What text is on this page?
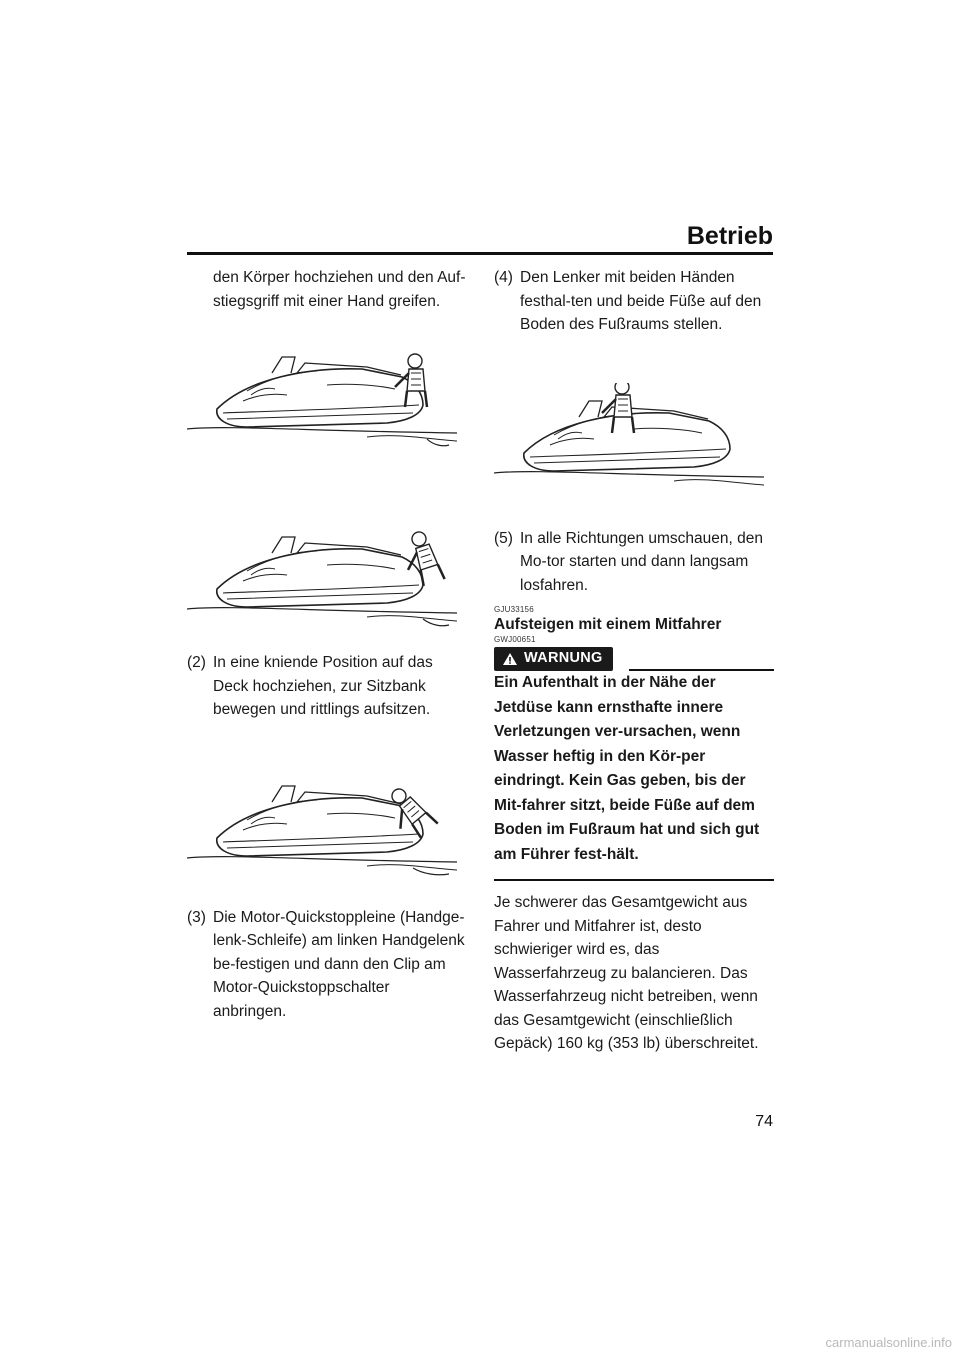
Betrieb

den Körper hochziehen und den Auf-stiegsgriff mit einer Hand greifen.

(2) In eine kniende Position auf das Deck hochziehen, zur Sitzbank bewegen und rittlings aufsitzen.
(3) Die Motor-Quickstoppleine (Handge-lenk-Schleife) am linken Handgelenk be-festigen und dann den Clip am Motor-Quickstoppschalter anbringen.
(4) Den Lenker mit beiden Händen festhal-ten und beide Füße auf den Boden des Fußraums stellen.
(5) In alle Richtungen umschauen, den Mo-tor starten und dann langsam losfahren.
GJU33156

Aufsteigen mit einem Mitfahrer

GWJ00651
WARNUNG

Ein Aufenthalt in der Nähe der Jetdüse kann ernsthafte innere Verletzungen ver-ursachen, wenn Wasser heftig in den Kör-per eindringt. Kein Gas geben, bis der Mit-fahrer sitzt, beide Füße auf dem Boden im Fußraum hat und sich gut am Führer fest-hält.

Je schwerer das Gesamtgewicht aus Fahrer und Mitfahrer ist, desto schwieriger wird es, das Wasserfahrzeug zu balancieren. Das Wasserfahrzeug nicht betreiben, wenn das Gesamtgewicht (einschließlich Gepäck) 160 kg (353 lb) überschreitet.

74
carmanualsonline.info
